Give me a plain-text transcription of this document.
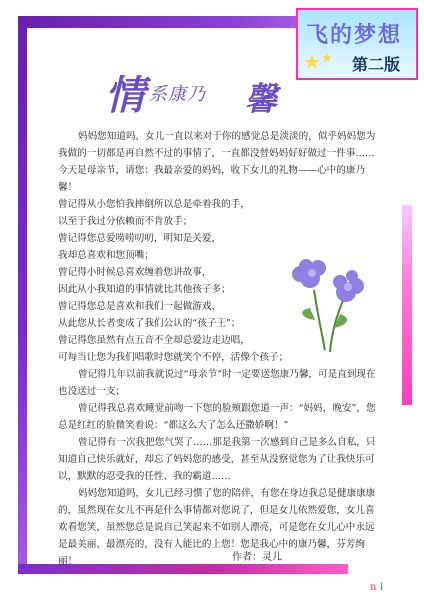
飞的梦想
第二版
情 系康乃 馨

妈妈您知道吗，女儿一直以来对于你的感觉总是淡淡的，似乎妈妈您为我做的一切都是再自然不过的事情了，一直都没替妈妈好好做过一件事……今天是母亲节，请您：我最亲爱的妈妈，收下女儿的礼物——心中的康乃馨！

曾记得从小您怕我摔倒所以总是牵着我的手，
以至于我过分依赖而不肯放手；
曾记得您总爱唠唠叨叨，明知是关爱，
我却总喜欢和您顶嘴；
曾记得小时候总喜欢缠着您讲故事，
因此从小我知道的事情就比其他孩子多；
曾记得您总是喜欢和我们一起做游戏，
从此您从长者变成了我们公认的“孩子王”；
曾记得您虽然有点五音不全却总爱边走边唱，
可每当让您为我们唱歌时您就笑个不停，活像个孩子；

曾记得几年以前我就说过“母亲节”时一定要送您康乃馨，可是直到现在也没送过一支；

曾记得我总喜欢睡觉前吻一下您的脸颊跟您道一声：“妈妈，晚安”，您总是红红的脸微笑着说：“都这么大了怎么还撒娇啊！”

曾记得有一次我把您气哭了……那是我第一次感到自己是多么自私，只知道自己快乐就好，却忘了妈妈您的感受，甚至从没察觉您为了让我快乐可以，默默的忍受我的任性、我的霸道……

妈妈您知道吗，女儿已经习惯了您的陪伴，有您在身边我总是健康康康的，虽然现在女儿不再是什么事情都对您说了，但是女儿依然爱您，女儿喜欢看您笑，虽然您总是说自己笑起来不如别人漂亮，可是您在女儿心中永远是最美丽、最漂亮的，没有人能比的上您！您是我心中的康乃馨，芬芳绚丽！	作者：灵儿
n l
